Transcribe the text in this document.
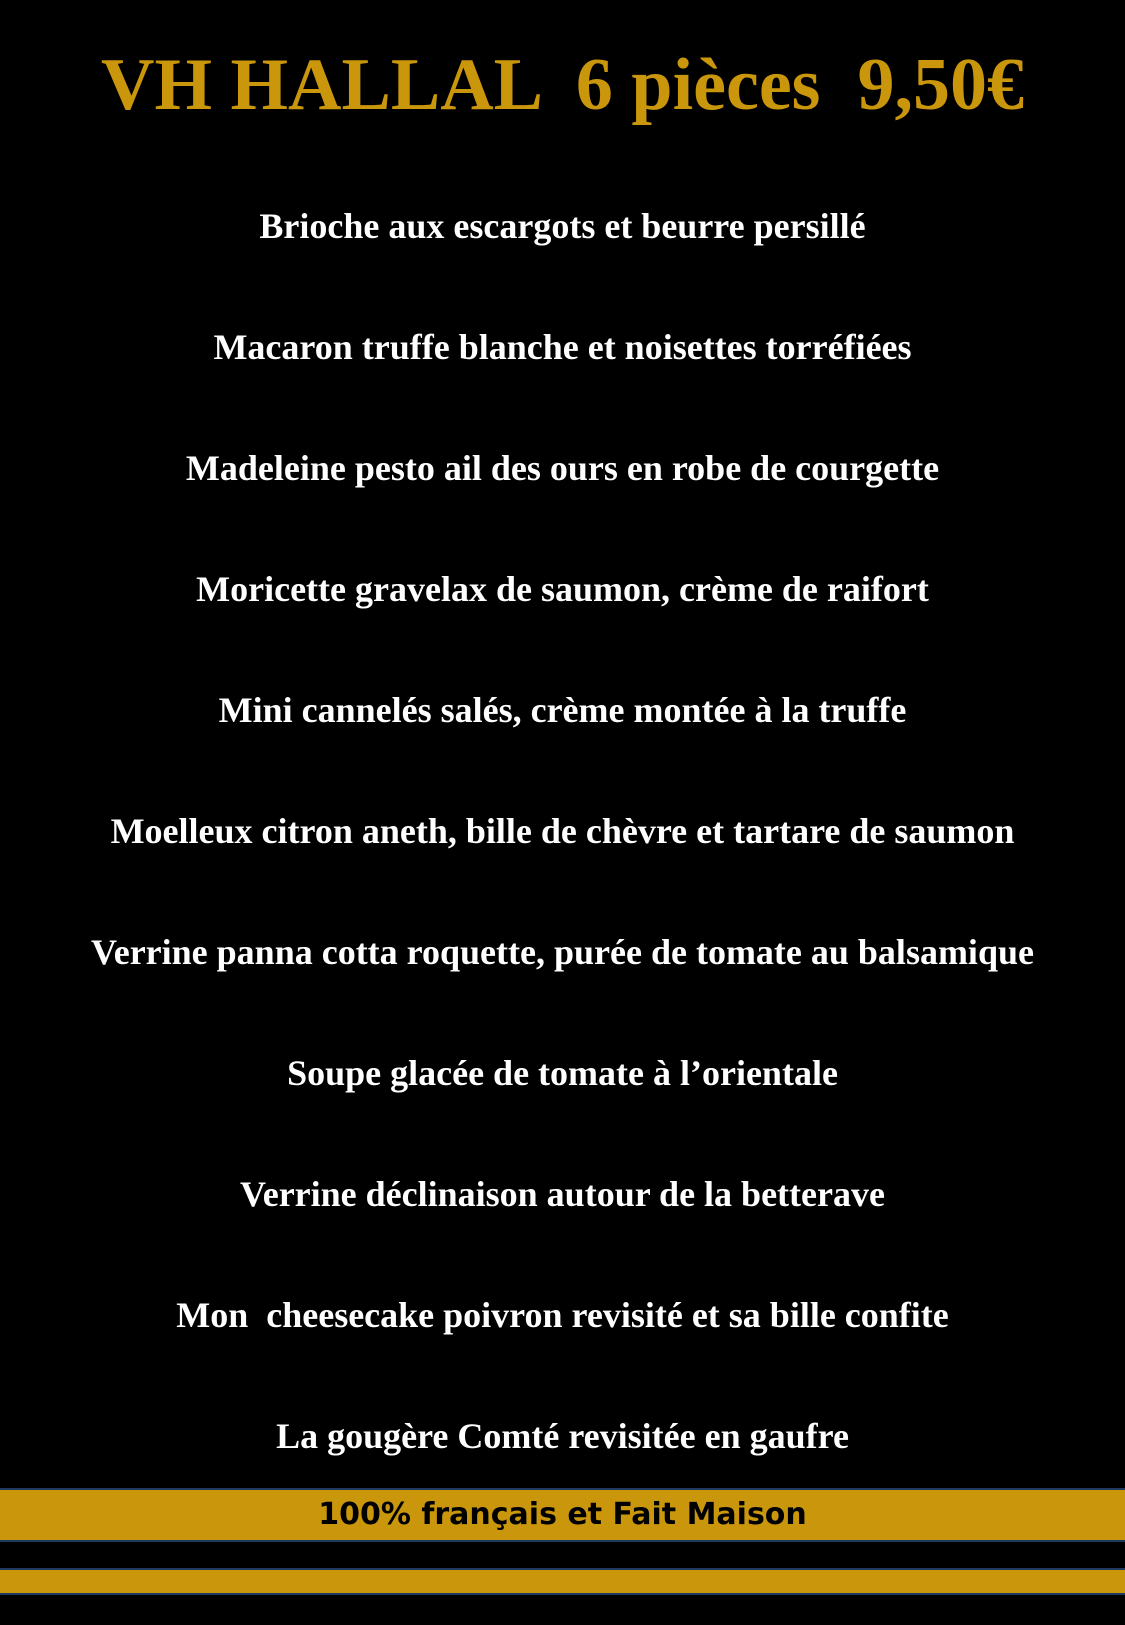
VH HALLAL  6 pièces  9,50€
Brioche aux escargots et beurre persillé
Macaron truffe blanche et noisettes torréfiées
Madeleine pesto ail des ours en robe de courgette
Moricette gravelax de saumon, crème de raifort
Mini cannelés salés, crème montée à la truffe
Moelleux citron aneth, bille de chèvre et tartare de saumon
Verrine panna cotta roquette, purée de tomate au balsamique
Soupe glacée de tomate à l’orientale
Verrine déclinaison autour de la betterave
Mon  cheesecake poivron revisité et sa bille confite
La gougère Comté revisitée en gaufre
100% français et Fait Maison
